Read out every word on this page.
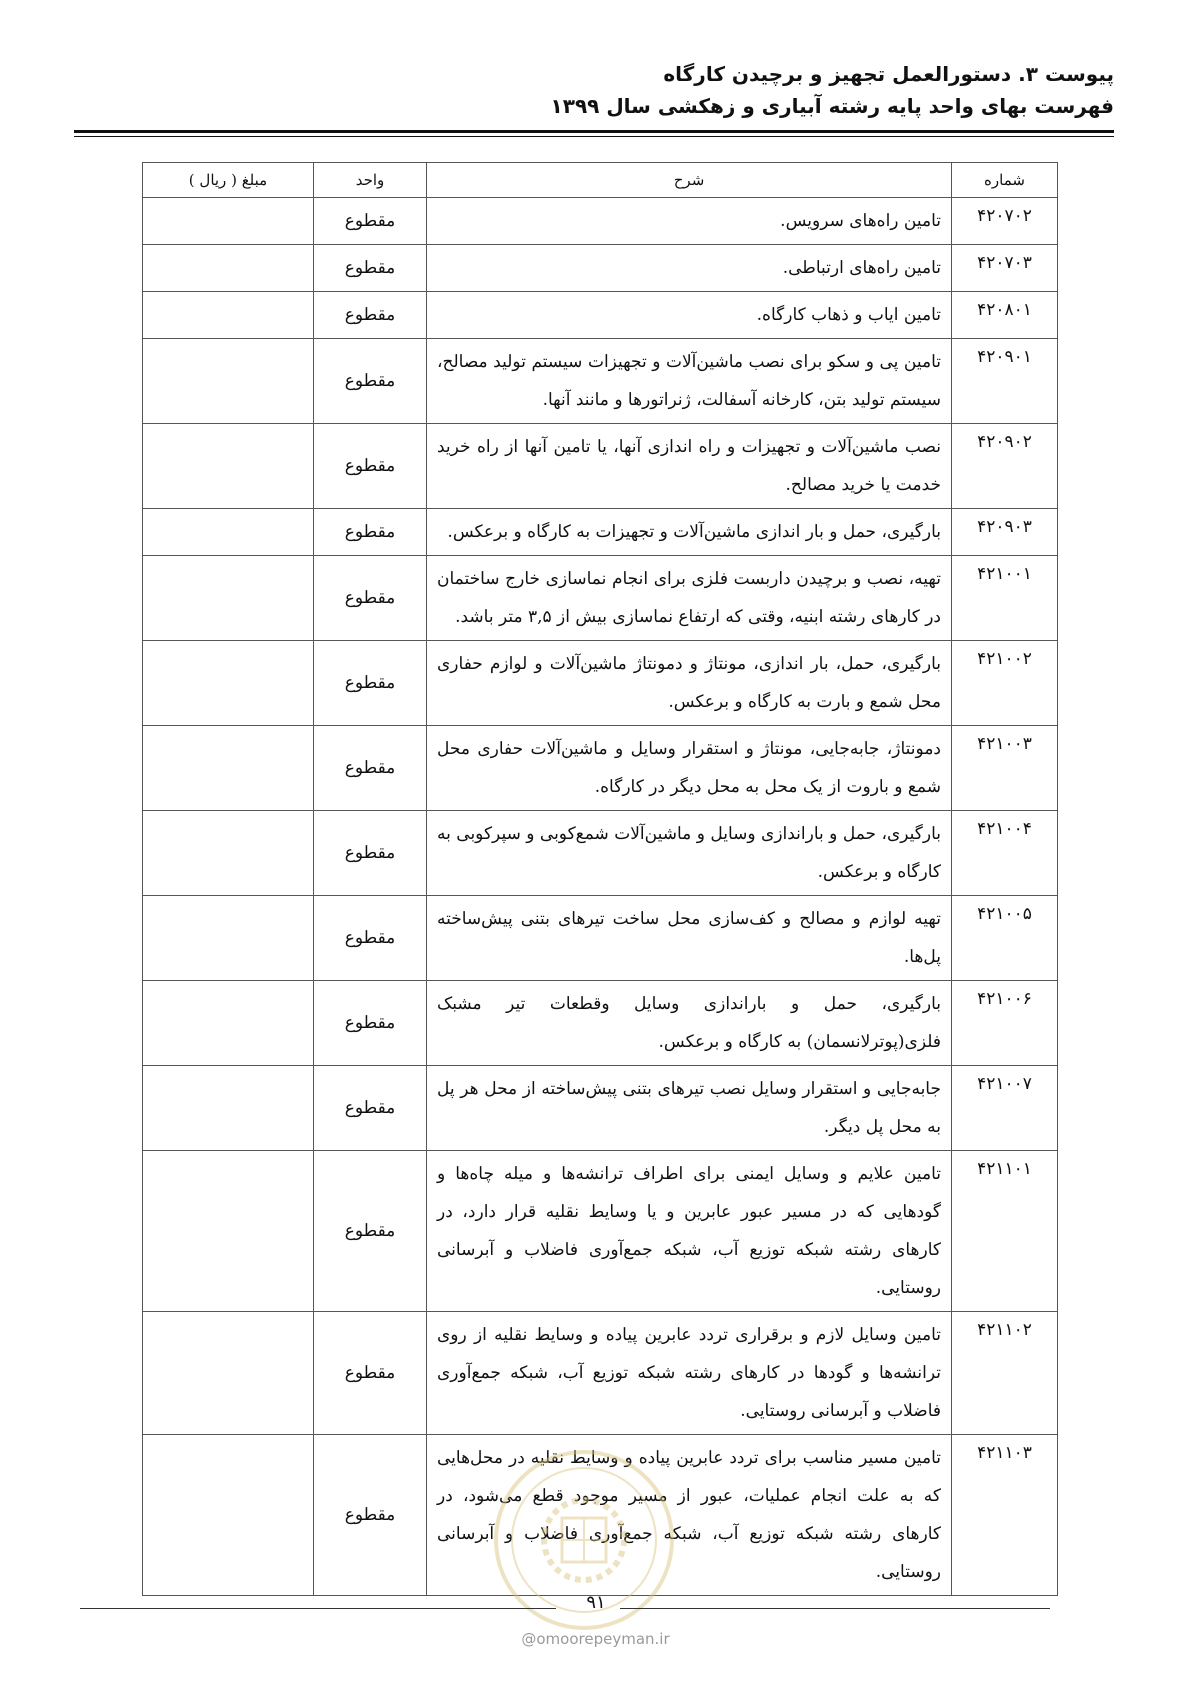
پیوست ۳. دستورالعمل تجهیز و برچیدن کارگاه
فهرست بهای واحد پایه رشته آبیاری و زهکشی سال ۱۳۹۹
شماره	شرح	واحد	مبلغ ( ریال )
۴۲۰۷۰۲	تامین راه‌های سرویس.	مقطوع	
۴۲۰۷۰۳	تامین راه‌های ارتباطی.	مقطوع	
۴۲۰۸۰۱	تامین ایاب و ذهاب کارگاه.	مقطوع	
۴۲۰۹۰۱	تامین پی و سکو برای نصب ماشین‌آلات و تجهیزات سیستم تولید مصالح، سیستم تولید بتن، کارخانه آسفالت، ژنراتورها و مانند آنها.	مقطوع	
۴۲۰۹۰۲	نصب ماشین‌آلات و تجهیزات و راه اندازی آنها، یا تامین آنها از راه خرید خدمت یا خرید مصالح.	مقطوع	
۴۲۰۹۰۳	بارگیری، حمل و بار اندازی ماشین‌آلات و تجهیزات به کارگاه و برعکس.	مقطوع	
۴۲۱۰۰۱	تهیه، نصب و برچیدن داربست فلزی برای انجام نماسازی خارج ساختمان در کارهای رشته ابنیه، وقتی که ارتفاع نماسازی بیش از ۳,۵ متر باشد.	مقطوع	
۴۲۱۰۰۲	بارگیری، حمل، بار اندازی، مونتاژ و دمونتاژ ماشین‌آلات و لوازم حفاری محل شمع و بارت به کارگاه و برعکس.	مقطوع	
۴۲۱۰۰۳	دمونتاژ، جابه‌جایی، مونتاژ و استقرار وسایل و ماشین‌آلات حفاری محل شمع و باروت از یک محل به محل دیگر در کارگاه.	مقطوع	
۴۲۱۰۰۴	بارگیری، حمل و باراندازی وسایل و ماشین‌آلات شمع‌کوبی و سپرکوبی به کارگاه و برعکس.	مقطوع	
۴۲۱۰۰۵	تهیه لوازم و مصالح و کف‌سازی محل ساخت تیرهای بتنی پیش‌ساخته پل‌ها.	مقطوع	
۴۲۱۰۰۶	بارگیری، حمل و باراندازی وسایل وقطعات تیر مشبک فلزی(پوترلانسمان) به کارگاه و برعکس.	مقطوع	
۴۲۱۰۰۷	جابه‌جایی و استقرار وسایل نصب تیرهای بتنی پیش‌ساخته از محل هر پل به محل پل دیگر.	مقطوع	
۴۲۱۱۰۱	تامین علایم و وسایل ایمنی برای اطراف ترانشه‌ها و میله چاه‌ها و گودهایی که در مسیر عبور عابرین و یا وسایط نقلیه قرار دارد، در کارهای رشته شبکه توزیع آب، شبکه جمع‌آوری فاضلاب و آبرسانی روستایی.	مقطوع	
۴۲۱۱۰۲	تامین وسایل لازم و برقراری تردد عابرین پیاده و وسایط نقلیه از روی ترانشه‌ها و گودها در کارهای رشته شبکه توزیع آب، شبکه جمع‌آوری فاضلاب و آبرسانی روستایی.	مقطوع	
۴۲۱۱۰۳	تامین مسیر مناسب برای تردد عابرین پیاده و وسایط نقلیه در محل‌هایی که به علت انجام عملیات، عبور از مسیر موجود قطع می‌شود، در کارهای رشته شبکه توزیع آب، شبکه جمع‌آوری فاضلاب و آبرسانی روستایی.	مقطوع	
۹۱
@omoorepeyman.ir
